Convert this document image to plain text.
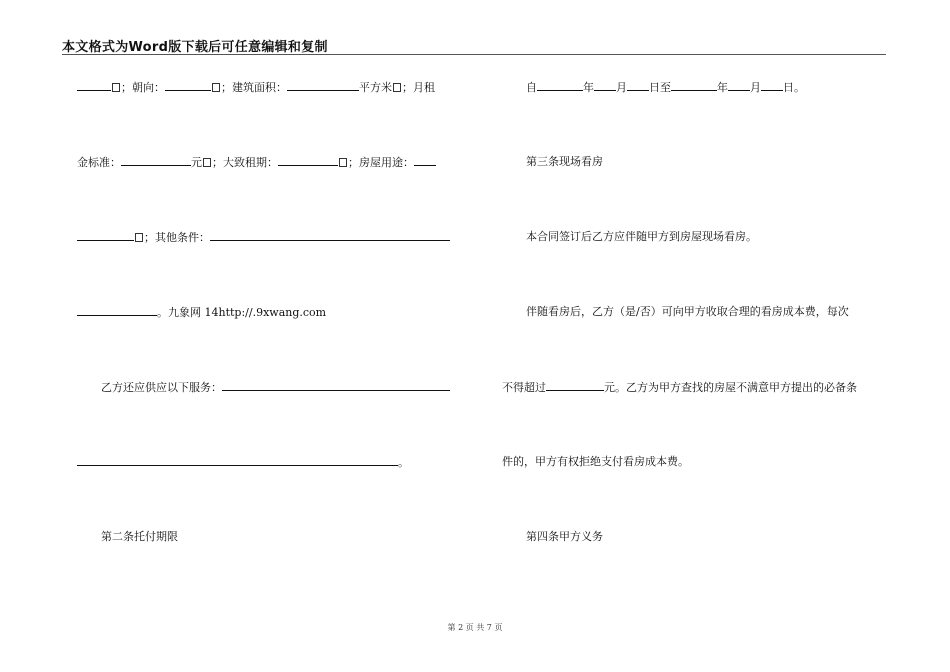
本文格式为Word版下载后可任意编辑和复制
；朝向：	；建筑面积：	平方米 ；月租
金标准：	元 ；大致租期：	；房屋用途：
；其他条件：
。九象网 14http://.9xwang.com
乙方还应供应以下服务：
。
第二条托付期限
自	年 月 日至	年 月 日。
第三条现场看房
本合同签订后乙方应伴随甲方到房屋现场看房。
伴随看房后，乙方（是/否）可向甲方收取合理的看房成本费，每次
不得超过	元。乙方为甲方查找的房屋不满意甲方提出的必备条
件的，甲方有权拒绝支付看房成本费。
第四条甲方义务
第 2 页 共 7 页
